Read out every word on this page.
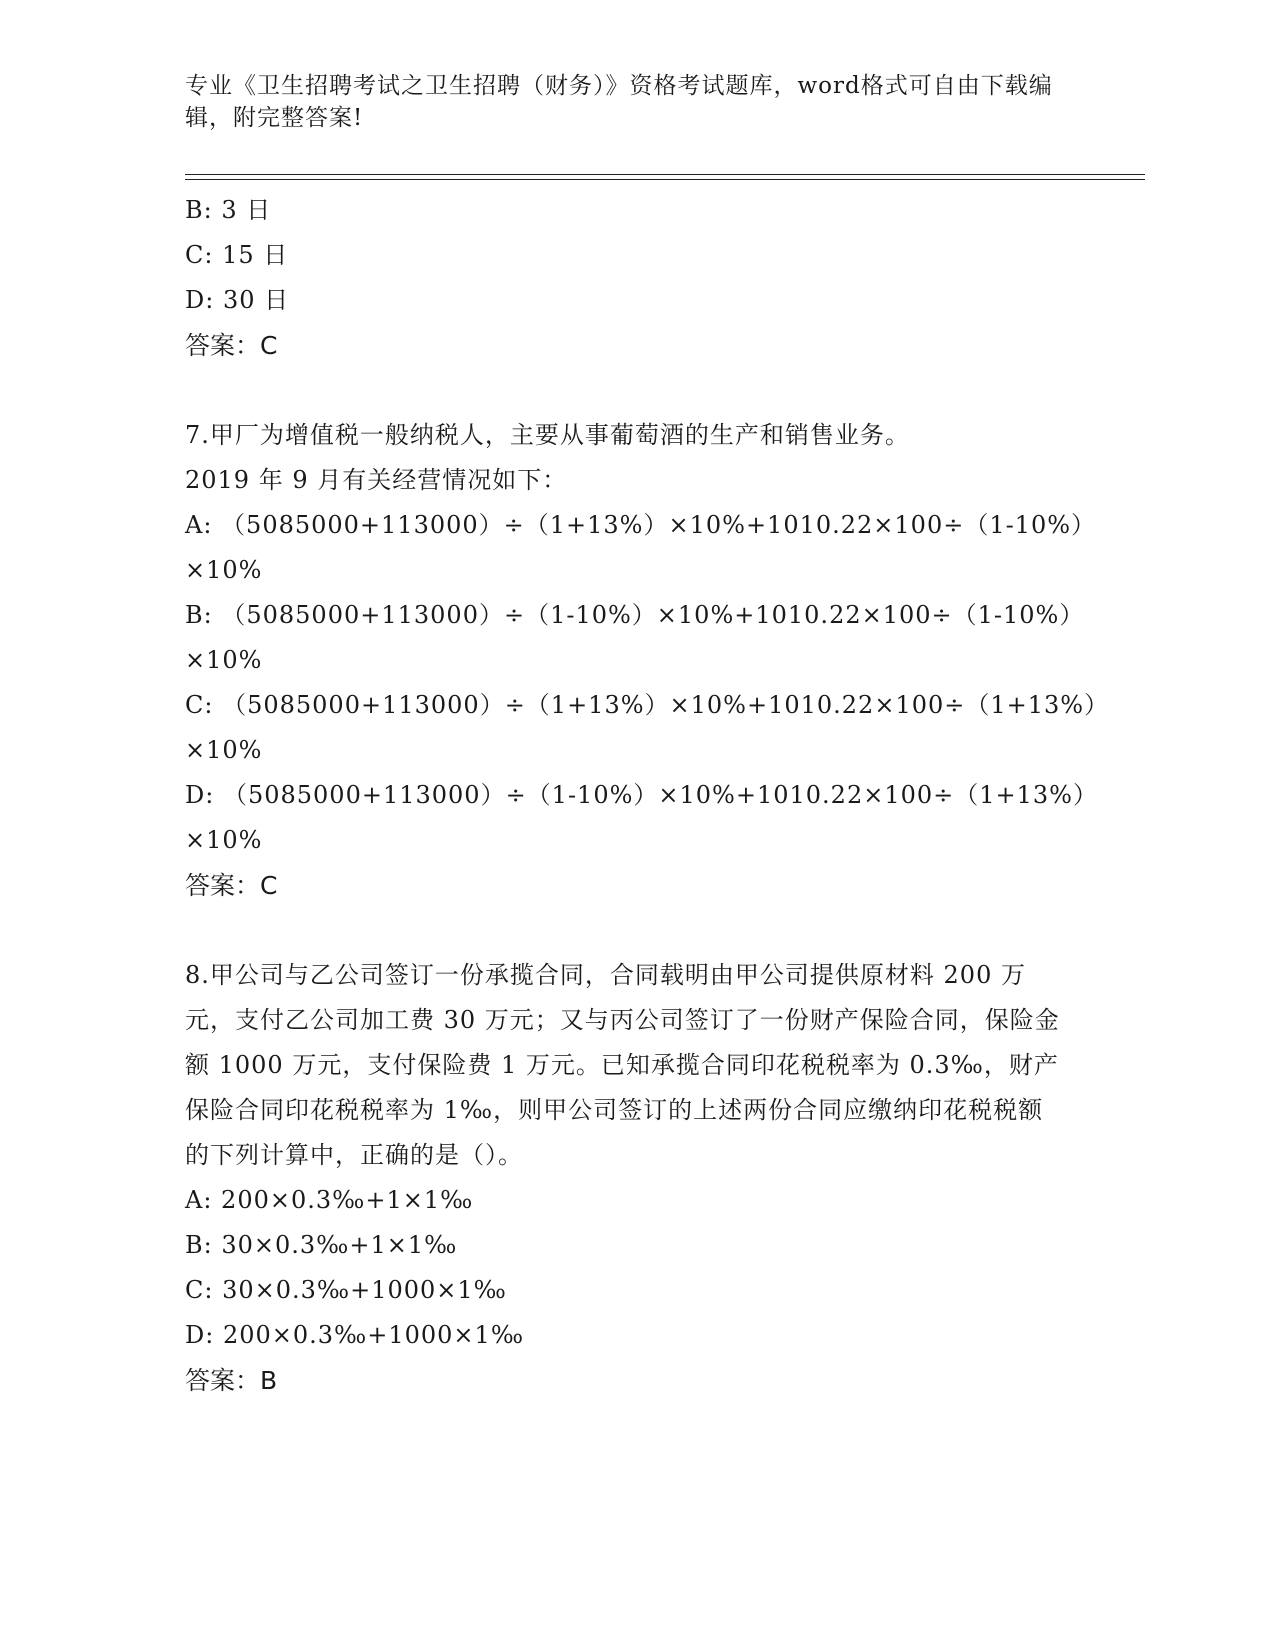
专业《卫生招聘考试之卫生招聘（财务）》资格考试题库，word格式可自由下载编辑，附完整答案!

B: 3 日

C: 15 日

D: 30 日

答案：C

7.甲厂为增值税一般纳税人，主要从事葡萄酒的生产和销售业务。

2019 年 9 月有关经营情况如下：

A: （5085000+113000）÷（1+13%）×10%+1010.22×100÷（1-10%）

×10%

B: （5085000+113000）÷（1-10%）×10%+1010.22×100÷（1-10%）

×10%

C: （5085000+113000）÷（1+13%）×10%+1010.22×100÷（1+13%）

×10%

D: （5085000+113000）÷（1-10%）×10%+1010.22×100÷（1+13%）

×10%

答案：C

8.甲公司与乙公司签订一份承揽合同，合同载明由甲公司提供原材料 200 万元，支付乙公司加工费 30 万元；又与丙公司签订了一份财产保险合同，保险金额 1000 万元，支付保险费 1 万元。已知承揽合同印花税税率为 0.3‰，财产保险合同印花税税率为 1‰，则甲公司签订的上述两份合同应缴纳印花税税额的下列计算中，正确的是（）。

A: 200×0.3‰+1×1‰

B: 30×0.3‰+1×1‰

C: 30×0.3‰+1000×1‰

D: 200×0.3‰+1000×1‰

答案：B
